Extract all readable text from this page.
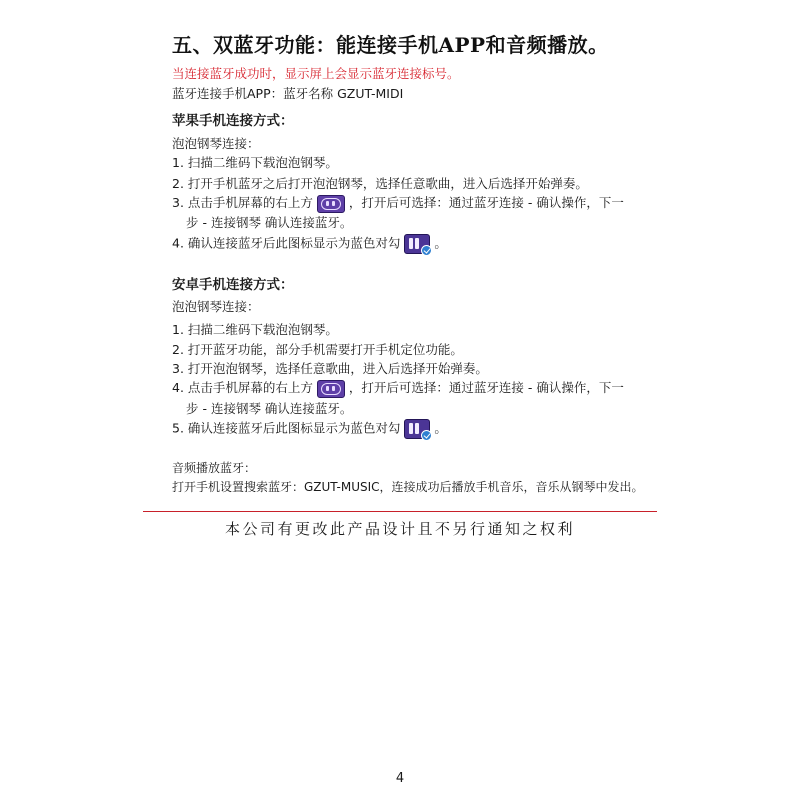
五、双蓝牙功能：能连接手机APP和音频播放。
当连接蓝牙成功时，显示屏上会显示蓝牙连接标号。
蓝牙连接手机APP：蓝牙名称 GZUT-MIDI
苹果手机连接方式：
泡泡钢琴连接：
1. 扫描二维码下载泡泡钢琴。
2. 打开手机蓝牙之后打开泡泡钢琴，选择任意歌曲，进入后选择开始弹奏。
3. 点击手机屏幕的右上方	，打开后可选择：通过蓝牙连接 - 确认操作，下一
步 - 连接钢琴 确认连接蓝牙。
4. 确认连接蓝牙后此图标显示为蓝色对勾	。
安卓手机连接方式：
泡泡钢琴连接：
1. 扫描二维码下载泡泡钢琴。
2. 打开蓝牙功能，部分手机需要打开手机定位功能。
3. 打开泡泡钢琴，选择任意歌曲，进入后选择开始弹奏。
4. 点击手机屏幕的右上方	，打开后可选择：通过蓝牙连接 - 确认操作，下一
步 - 连接钢琴 确认连接蓝牙。
5. 确认连接蓝牙后此图标显示为蓝色对勾	。
音频播放蓝牙：
打开手机设置搜索蓝牙：GZUT-MUSIC，连接成功后播放手机音乐，音乐从钢琴中发出。
本公司有更改此产品设计且不另行通知之权利
4
